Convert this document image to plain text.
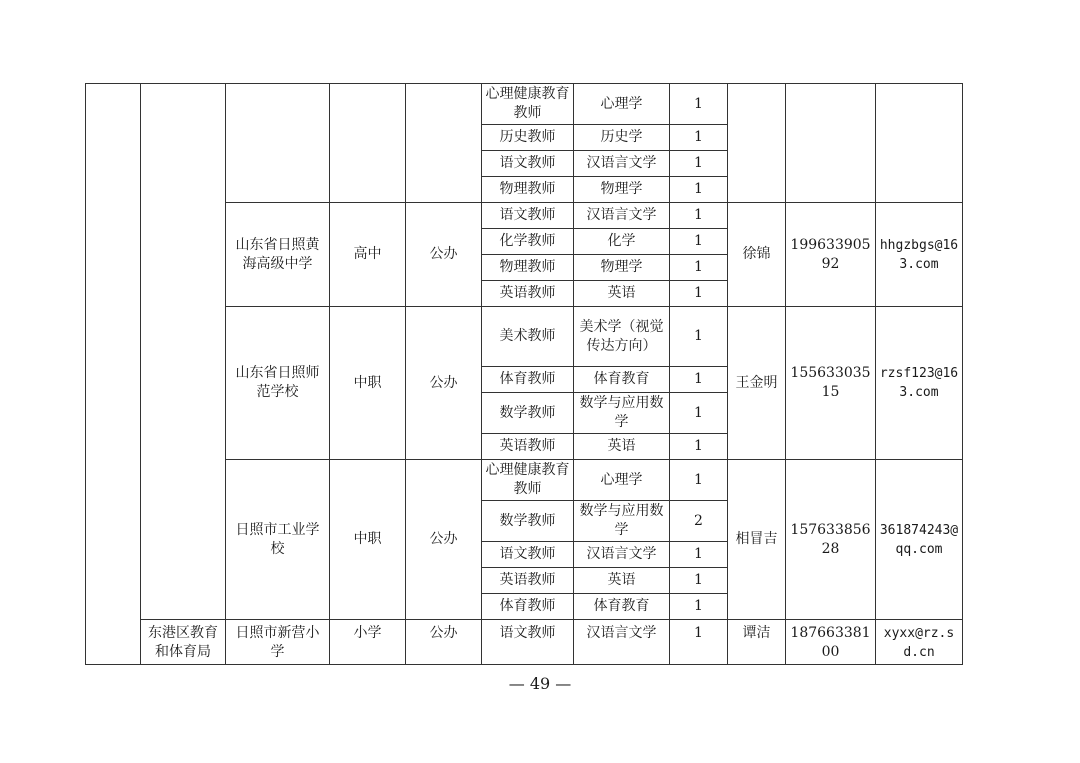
					心理健康教育教师	心理学	1			
					历史教师	历史学	1			
					语文教师	汉语言文学	1			
					物理教师	物理学	1			
		山东省日照黄海高级中学	高中	公办	语文教师	汉语言文学	1	徐锦	19963390592	hhgzbgs@163.com
					化学教师	化学	1			
					物理教师	物理学	1			
					英语教师	英语	1			
		山东省日照师范学校	中职	公办	美术教师	美术学（视觉传达方向）	1	王金明	15563303515	rzsf123@163.com
					体育教师	体育教育	1			
					数学教师	数学与应用数学	1			
					英语教师	英语	1			
		日照市工业学校	中职	公办	心理健康教育教师	心理学	1	相冒吉	15763385628	361874243@qq.com
					数学教师	数学与应用数学	2			
					语文教师	汉语言文学	1			
					英语教师	英语	1			
					体育教师	体育教育	1			
	东港区教育和体育局	日照市新营小学	小学	公办	语文教师	汉语言文学	1	谭洁	18766338100	xyxx@rz.sd.cn
— 49 —
